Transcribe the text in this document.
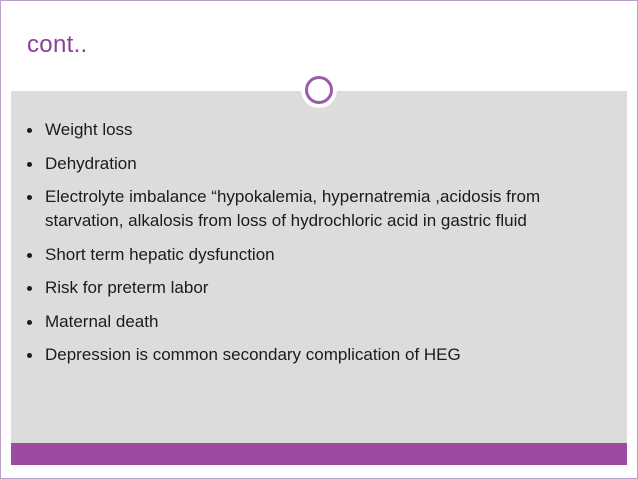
cont..
Weight loss
Dehydration
Electrolyte imbalance “hypokalemia, hypernatremia ,acidosis from starvation, alkalosis from loss of hydrochloric acid in gastric fluid
Short term hepatic dysfunction
Risk for preterm labor
Maternal death
Depression is common secondary complication of HEG
